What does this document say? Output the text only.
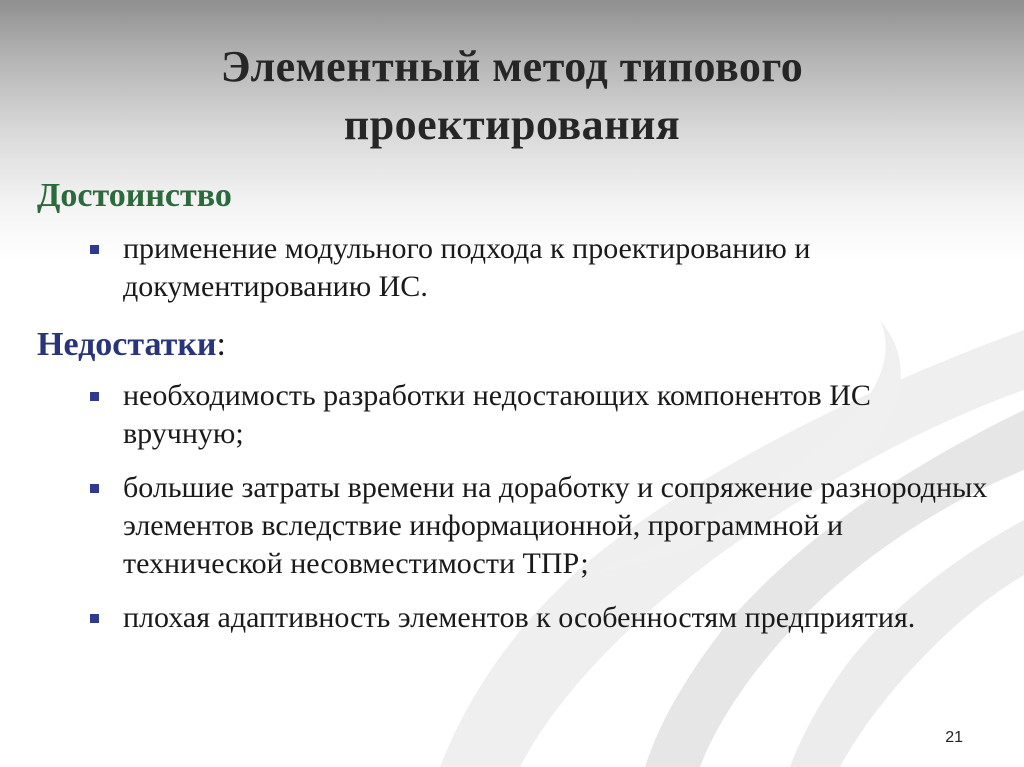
Элементный метод типового
проектирования
Достоинство
применение модульного подхода к проектированию и документированию ИС.
Недостатки:
необходимость разработки недостающих компонентов ИС вручную;
большие затраты времени на доработку и сопряжение разнородных элементов вследствие информационной, программной и технической несовместимости ТПР;
плохая адаптивность элементов к особенностям предприятия.
21
